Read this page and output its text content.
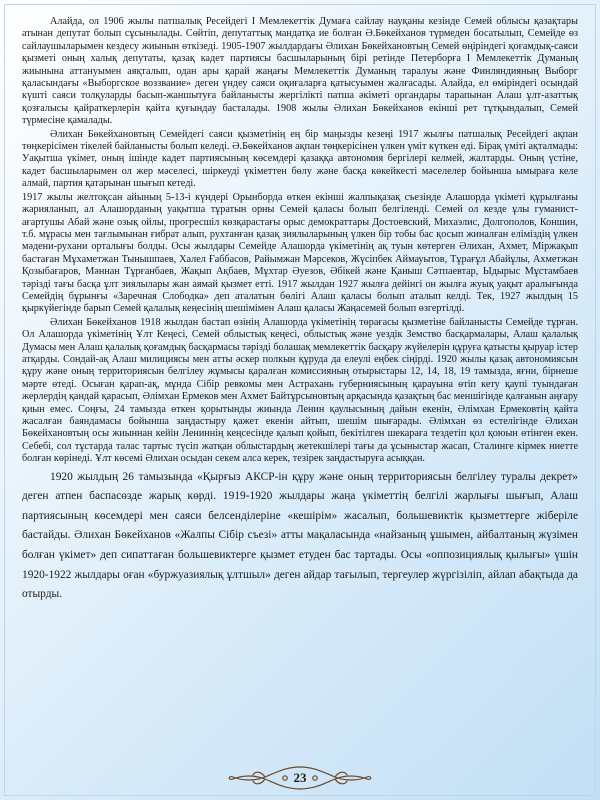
Алайда, ол 1906 жылы патшалық Ресейдегі І Мемлекеттік Думаға сайлау науқаны кезінде Семей облысы қазақтары атынан депутат болып сұсынылады. Сөйтіп, депутаттық мандатқа ие болған Ә.Бөкейханов түрмеден босатылып, Семейде өз сайлаушыларымен кездесу жиынын өткізеді. 1905-1907 жылдардағы Әлихан Бөкейхановтың Семей өңіріндегі қоғамдық-саяси қызметі оның халық депутаты, қазақ кадет партиясы басшыларының бірі ретінде Петерборға І Мемлекеттік Думаның жиынына аттануымен аяқталып, одан ары қарай жаңағы Мемлекеттік Думаның таралуы және Финляндияның Выборг қаласындағы «Выборгское воззвание» деген үндеу саяси оқиғаларға қатысуымен жалғасады. Алайда, ел өміріндегі осындай күшті саяси толқуларды басып-жаншытуға байланысты жергілікті патша әкіметі органдары тарапынан Алаш ұлт-азаттық қозғалысы қайраткерлерін қайта қуғындау басталады. 1908 жылы Әлихан Бөкейханов екінші рет тұтқындалып, Семей түрмесіне қамалады.

Әлихан Бөкейхановтың Семейдегі саяси қызметінің ең бір маңызды кезеңі 1917 жылғы патшалық Ресейдегі ақпан төңкерісімен тікелей байланысты болып келеді. Ә.Бөкейханов ақпан төңкерісінен үлкен үміт күткен еді. Бірақ үміті ақталмады: Уақытша үкімет, оның ішінде кадет партиясының көсемдері қазаққа автономия бергілері келмей, жалтарды. Оның үстіне, кадет басшыларымен ол жер мәселесі, шіркеуді үкіметтен бөлу және басқа көкейкесті мәселелер бойынша ымыраға келе алмай, партия қатарынан шығып кетеді.

1917 жылы желтоқсан айының 5-13-і күндері Орынборда өткен екінші жалпықазақ съезінде Алашорда үкіметі құрылғаны жарияланып, ал Алашорданың уақытша тұратын орны Семей қаласы болып белгіленді. Семей ол кезде ұлы гуманист-ағартушы Абай және озық ойлы, прогресшіл көзқарастағы орыс демократтары Достоевский, Михаэлис, Долгополов, Коншин, т.б. мұрасы мен тағлымынан ғибрат алып, рухтанған қазақ зиялыларының үлкен бір тобы бас қосып жиналған еліміздің үлкен мәдени-рухани орталығы болды. Осы жылдары Семейде Алашорда үкіметінің ақ туын көтерген Әлихан, Ахмет, Міржақып бастаған Мұхаметжан Тынышпаев, Халел Ғаббасов, Райымжан Мәрсеков, Жүсіпбек Аймауытов, Тұрағұл Абайұлы, Ахметжан Қозыбағаров, Мәннан Тұрғанбаев, Жақып Ақбаев, Мұхтар Әуезов, Әбікей және Қаныш Сәтпаевтар, Ыдырыс Мұстамбаев тәрізді тағы басқа ұлт зиялылары жан аямай қызмет етті. 1917 жылдан 1927 жылға дейінгі он жылға жуық уақыт аралығында Семейдің бұрынғы «Заречная Слободка» деп аталатын бөлігі Алаш қаласы болып аталып келді. Тек, 1927 жылдың 15 қыркүйегінде барып Семей қалалық кеңесінің шешімімен Алаш қаласы Жаңасемей болып өзгертілді.

Әлихан Бөкейханов 1918 жылдан бастап өзінің Алашорда үкіметінің төрағасы қызметіне байланысты Семейде тұрған. Ол Алашорда үкіметінің Ұлт Кеңесі, Семей облыстық кеңесі, облыстық және уездік Земство басқармалары, Алаш қалалық Думасы мен Алаш қалалық қоғамдық басқармасы тәрізді болашақ мемлекеттік басқару жүйелерін құруға қатысты қыруар істер атқарды. Сондай-ақ Алаш милициясы мен атты әскер полкын құруда да елеулі еңбек сіңірді. 1920 жылы қазақ автономиясын құру және оның территориясын белгілеу жұмысы қаралған комиссияның отырыстары 12, 14, 18, 19 тамызда, яғни, бірнеше мәрте өтеді. Осыған қарап-ақ, мұнда Сібір ревкомы мен Астрахань губерниясының қарауына өтіп кету қаупі туындаған жерлердің қандай қарасып, Әлімхан Ермеков мен Ахмет Байтұрсыновтың арқасында қазақтың бас меншігінде қалғанын аңғару қиын емес. Соңғы, 24 тамызда өткен қорытынды жиында Ленин қаулысының дайын екенін, Әлімхан Ермековтің қайта жасалған баяндамасы бойынша заңдастыру қажет екенін айтып, шешім шығарады. Әлімхан өз естелігінде Әлихан Бөкейхановтың осы жиыннан кейін Лениннің кеңсесінде қалып қойып, бекітілген шекараға тездетіп қол қоюын өтінген екен. Себебі, сол тұстарда талас тартыс түсіп жатқан облыстардың жетекшілері тағы да ұсыныстар жасап, Сталинге кірмек ниетте болған көрінеді. Ұлт көсемі Әлихан осыдан секем алса керек, тезірек заңдастыруға асыққан.

1920 жылдың 26 тамызында «Қырғыз АКСР-ін құру және оның территориясын белгілеу туралы декрет» деген атпен баспасөзде жарық көрді. 1919-1920 жылдары жаңа үкіметтің белгілі жарлығы шығып, Алаш партиясының көсемдері мен саяси белсенділеріне «кешірім» жасалып, большевиктік қызметтерге жіберіле бастайды. Әлихан Бөкейханов «Жалпы Сібір съезі» атты мақаласында «найзаның ұшымен, айбалтаның жүзімен болған үкімет» деп сипаттаған большевиктерге қызмет етуден бас тартады. Осы «оппозициялық қылығы» үшін 1920-1922 жылдары оған «буржуазиялық ұлтшыл» деген айдар тағылып, тергеулер жүргізіліп, айлап абақтыда да отырды.

23
